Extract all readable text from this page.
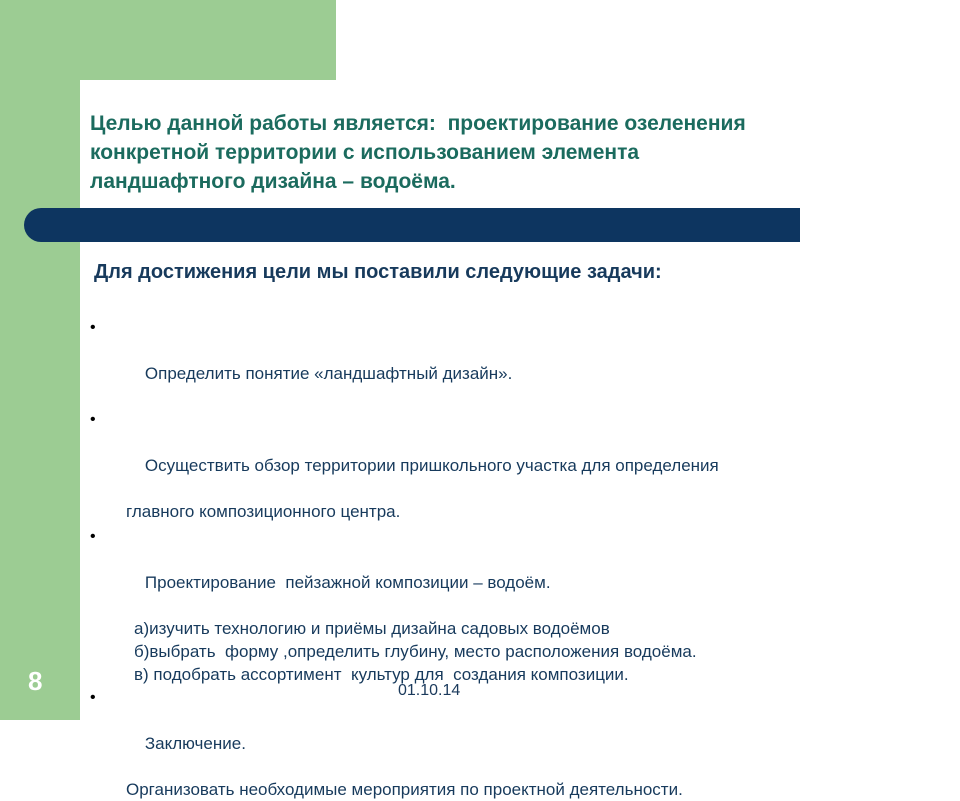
Целью данной работы является:  проектирование озеленения
конкретной территории с использованием элемента
ландшафтного дизайна – водоёма.
Для достижения цели мы поставили следующие задачи:

•

Определить понятие «ландшафтный дизайн».

•

Осуществить обзор территории пришкольного участка для определения

главного композиционного центра.

•

Проектирование  пейзажной композиции – водоём.

а)изучить технологию и приёмы дизайна садовых водоёмов
б)выбрать  форму ,определить глубину, место расположения водоёма.
в) подобрать ассортимент  культур для  создания композиции.

•

Заключение.

Организовать необходимые мероприятия по проектной деятельности.
8	01.10.14
